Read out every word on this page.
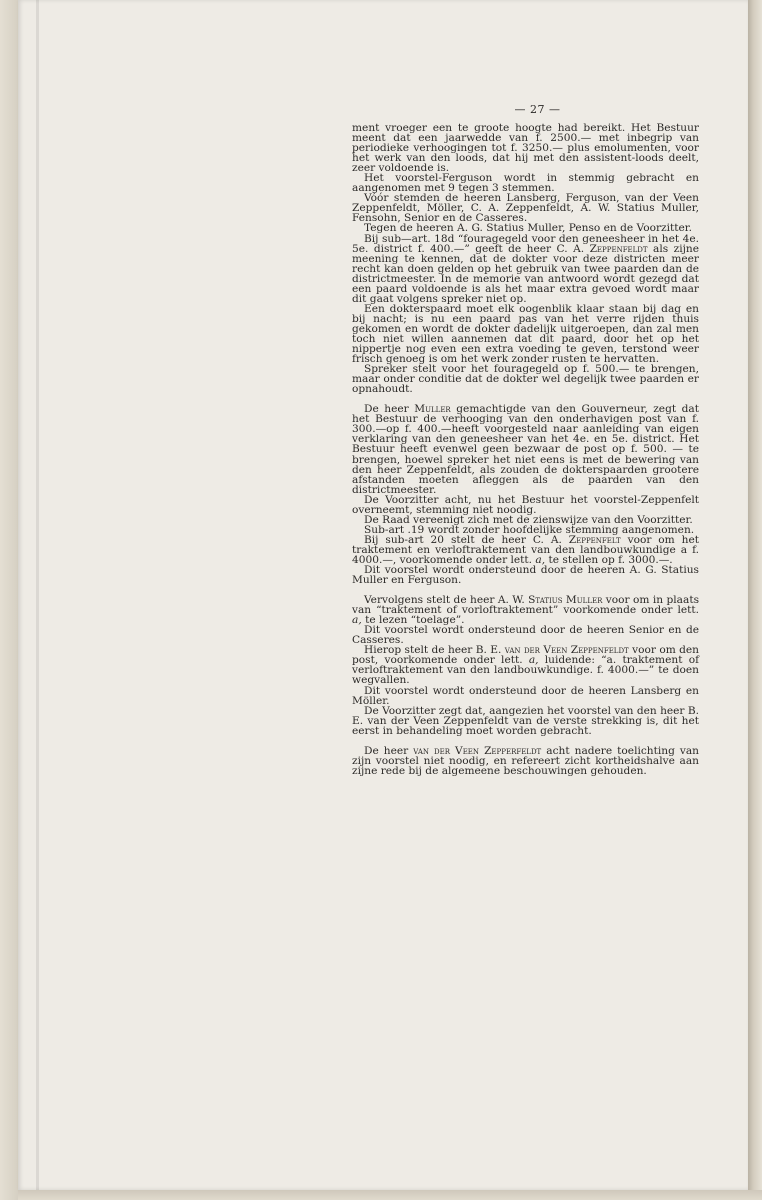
— 27 —

ment vroeger een te groote hoogte had bereikt. Het Bestuur meent dat een jaarwedde van f. 2500.— met inbegrip van periodieke verhoogingen tot f. 3250.— plus emolumenten, voor het werk van den loods, dat hij met den assistent-loods deelt, zeer voldoende is.

Het voorstel-Ferguson wordt in stemmig gebracht en aangenomen met 9 tegen 3 stemmen.

Vóór stemden de heeren Lansberg, Ferguson, van der Veen Zeppenfeldt, Möller, C. A. Zeppenfeldt, A. W. Statius Muller, Fensohn, Senior en de Casseres.

Tegen de heeren A. G. Statius Muller, Penso en de Voorzitter.

Bij sub—art. 18d “fouragegeld voor den geneesheer in het 4e. 5e. district f. 400.—” geeft de heer C. A. Zeppenfeldt als zijne meening te kennen, dat de dokter voor deze districten meer recht kan doen gelden op het gebruik van twee paarden dan de districtmeester. In de memorie van antwoord wordt gezegd dat een paard voldoende is als het maar extra gevoed wordt maar dit gaat volgens spreker niet op.

Een dokterspaard moet elk oogenblik klaar staan bij dag en bij nacht; is nu een paard pas van het verre rijden thuis gekomen en wordt de dokter dadelijk uitgeroepen, dan zal men toch niet willen aannemen dat dit paard, door het op het nippertje nog even een extra voeding te geven, terstond weer frisch genoeg is om het werk zonder rusten te hervatten.

Spreker stelt voor het fouragegeld op f. 500.— te brengen, maar onder conditie dat de dokter wel degelijk twee paarden er opnahoudt.

De heer Muller gemachtigde van den Gouverneur, zegt dat het Bestuur de verhooging van den onderhavigen post van f. 300.—op f. 400.—heeft voorgesteld naar aanleiding van eigen verklaring van den geneesheer van het 4e. en 5e. district. Het Bestuur heeft evenwel geen bezwaar de post op f. 500. — te brengen, hoewel spreker het niet eens is met de bewering van den heer Zeppenfeldt, als zouden de dokterspaarden grootere afstanden moeten afleggen als de paarden van den districtmeester.

De Voorzitter acht, nu het Bestuur het voorstel-Zeppenfelt overneemt, stemming niet noodig.

De Raad vereenigt zich met de zienswijze van den Voorzitter.

Sub-art .19 wordt zonder hoofdelijke stemming aangenomen.

Bij sub-art 20 stelt de heer C. A. Zeppenfelt voor om het traktement en verloftraktement van den landbouwkundige a f. 4000.—, voorkomende onder lett. a, te stellen op f. 3000.—.

Dit voorstel wordt ondersteund door de heeren A. G. Statius Muller en Ferguson.

Vervolgens stelt de heer A. W. Statius Muller voor om in plaats van “traktement of vorloftraktement” voorkomende onder lett. a, te lezen “toelage”.

Dit voorstel wordt ondersteund door de heeren Senior en de Casseres.

Hierop stelt de heer B. E. van der Veen Zeppenfeldt voor om den post, voorkomende onder lett. a, luidende: “a. traktement of verloftraktement van den landbouwkundige. f. 4000.—” te doen wegvallen.

Dit voorstel wordt ondersteund door de heeren Lansberg en Möller.

De Voorzitter zegt dat, aangezien het voorstel van den heer B. E. van der Veen Zeppenfeldt van de verste strekking is, dit het eerst in behandeling moet worden gebracht.

De heer van der Veen Zepperfeldt acht nadere toelichting van zijn voorstel niet noodig, en refereert zicht kortheidshalve aan zijne rede bij de algemeene beschouwingen gehouden.
